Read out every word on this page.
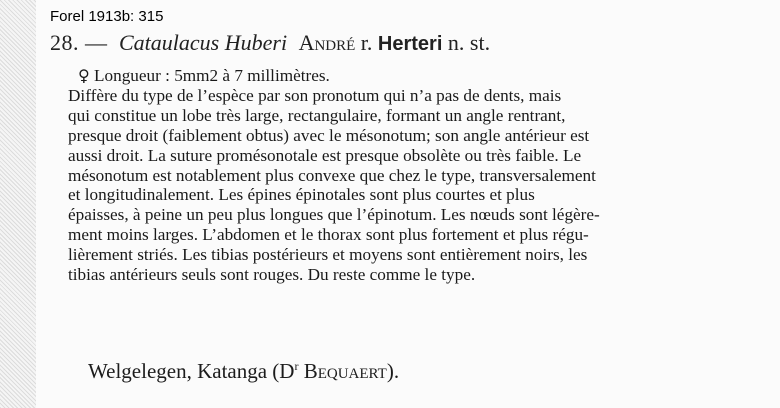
Forel 1913b: 315
28. — Cataulacus Huberi André r. Herteri n. st.
♀ Longueur : 5mm2 à 7 millimètres.
Diffère du type de l’espèce par son pronotum qui n’a pas de dents, mais
qui constitue un lobe très large, rectangulaire, formant un angle rentrant,
presque droit (faiblement obtus) avec le mésonotum; son angle antérieur est
aussi droit. La suture promésonotale est presque obsolète ou très faible. Le
mésonotum est notablement plus convexe que chez le type, transversalement
et longitudinalement. Les épines épinotales sont plus courtes et plus
épaisses, à peine un peu plus longues que l’épinotum. Les nœuds sont légère-
ment moins larges. L’abdomen et le thorax sont plus fortement et plus régu-
lièrement striés. Les tibias postérieurs et moyens sont entièrement noirs, les
tibias antérieurs seuls sont rouges. Du reste comme le type.
Welgelegen, Katanga ($D^r$ Bequaert).
